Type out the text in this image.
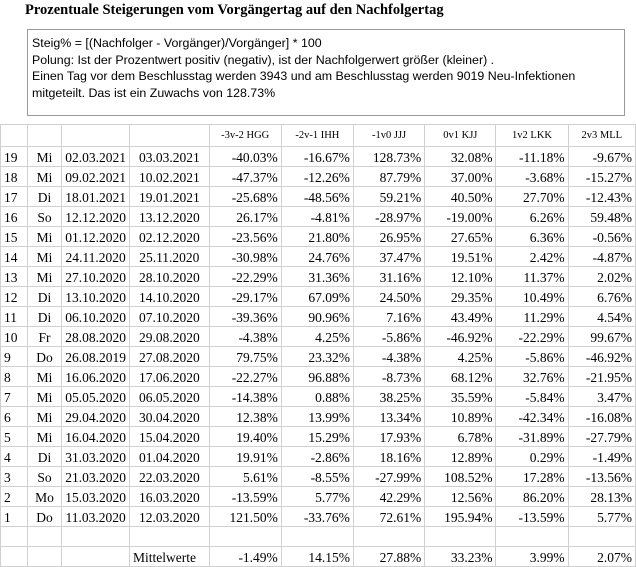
Prozentuale Steigerungen vom Vorgängertag auf den Nachfolgertag
Steig% = [(Nachfolger - Vorgänger)/Vorgänger] * 100
Polung: Ist der Prozentwert positiv (negativ), ist der Nachfolgerwert größer (kleiner) .
Einen Tag vor dem Beschlusstag werden 3943 und am Beschlusstag werden 9019 Neu-Infektionen
mitgeteilt. Das ist ein Zuwachs von 128.73%
				-3v-2 HGG	-2v-1 IHH	-1v0 JJJ	0v1 KJJ	1v2 LKK	2v3 MLL
19	Mi	02.03.2021	03.03.2021	-40.03%	-16.67%	128.73%	32.08%	-11.18%	-9.67%
18	Mi	09.02.2021	10.02.2021	-47.37%	-12.26%	87.79%	37.00%	-3.68%	-15.27%
17	Di	18.01.2021	19.01.2021	-25.68%	-48.56%	59.21%	40.50%	27.70%	-12.43%
16	So	12.12.2020	13.12.2020	26.17%	-4.81%	-28.97%	-19.00%	6.26%	59.48%
15	Mi	01.12.2020	02.12.2020	-23.56%	21.80%	26.95%	27.65%	6.36%	-0.56%
14	Mi	24.11.2020	25.11.2020	-30.98%	24.76%	37.47%	19.51%	2.42%	-4.87%
13	Mi	27.10.2020	28.10.2020	-22.29%	31.36%	31.16%	12.10%	11.37%	2.02%
12	Di	13.10.2020	14.10.2020	-29.17%	67.09%	24.50%	29.35%	10.49%	6.76%
11	Di	06.10.2020	07.10.2020	-39.36%	90.96%	7.16%	43.49%	11.29%	4.54%
10	Fr	28.08.2020	29.08.2020	-4.38%	4.25%	-5.86%	-46.92%	-22.29%	99.67%
9	Do	26.08.2019	27.08.2020	79.75%	23.32%	-4.38%	4.25%	-5.86%	-46.92%
8	Mi	16.06.2020	17.06.2020	-22.27%	96.88%	-8.73%	68.12%	32.76%	-21.95%
7	Mi	05.05.2020	06.05.2020	-14.38%	0.88%	38.25%	35.59%	-5.84%	3.47%
6	Mi	29.04.2020	30.04.2020	12.38%	13.99%	13.34%	10.89%	-42.34%	-16.08%
5	Mi	16.04.2020	15.04.2020	19.40%	15.29%	17.93%	6.78%	-31.89%	-27.79%
4	Di	31.03.2020	01.04.2020	19.91%	-2.86%	18.16%	12.89%	0.29%	-1.49%
3	So	21.03.2020	22.03.2020	5.61%	-8.55%	-27.99%	108.52%	17.28%	-13.56%
2	Mo	15.03.2020	16.03.2020	-13.59%	5.77%	42.29%	12.56%	86.20%	28.13%
1	Do	11.03.2020	12.03.2020	121.50%	-33.76%	72.61%	195.94%	-13.59%	5.77%

			Mittelwerte	-1.49%	14.15%	27.88%	33.23%	3.99%	2.07%
